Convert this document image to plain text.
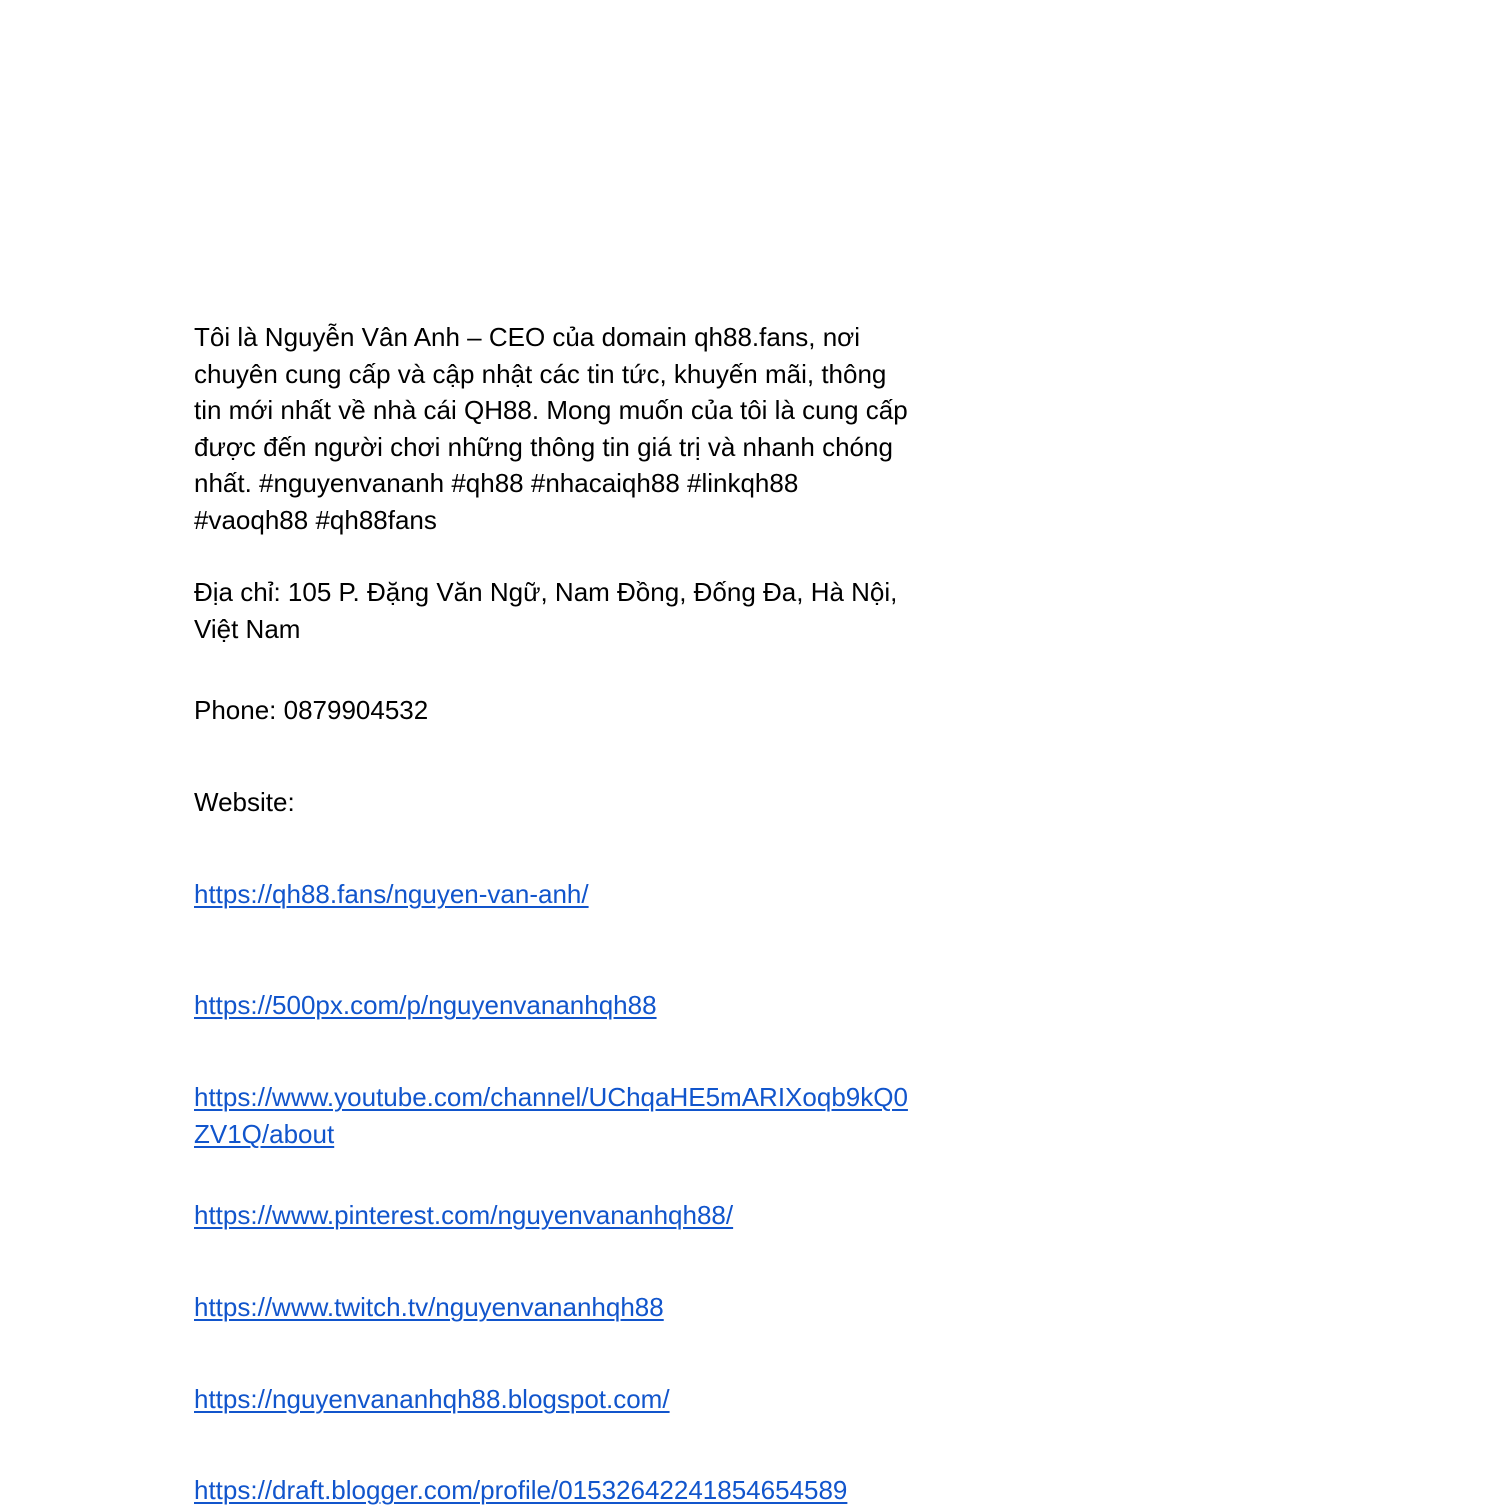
Tôi là Nguyễn Vân Anh – CEO của domain qh88.fans, nơi
chuyên cung cấp và cập nhật các tin tức, khuyến mãi, thông
tin mới nhất về nhà cái QH88. Mong muốn của tôi là cung cấp
được đến người chơi những thông tin giá trị và nhanh chóng
nhất. #nguyenvananh #qh88 #nhacaiqh88 #linkqh88
#vaoqh88 #qh88fans
Địa chỉ: 105 P. Đặng Văn Ngữ, Nam Đồng, Đống Đa, Hà Nội,
Việt Nam
Phone: 0879904532
Website:
https://qh88.fans/nguyen-van-anh/
https://500px.com/p/nguyenvananhqh88
https://www.youtube.com/channel/UChqaHE5mARIXoqb9kQ0
ZV1Q/about
https://www.pinterest.com/nguyenvananhqh88/
https://www.twitch.tv/nguyenvananhqh88
https://nguyenvananhqh88.blogspot.com/
https://draft.blogger.com/profile/01532642241854654589
